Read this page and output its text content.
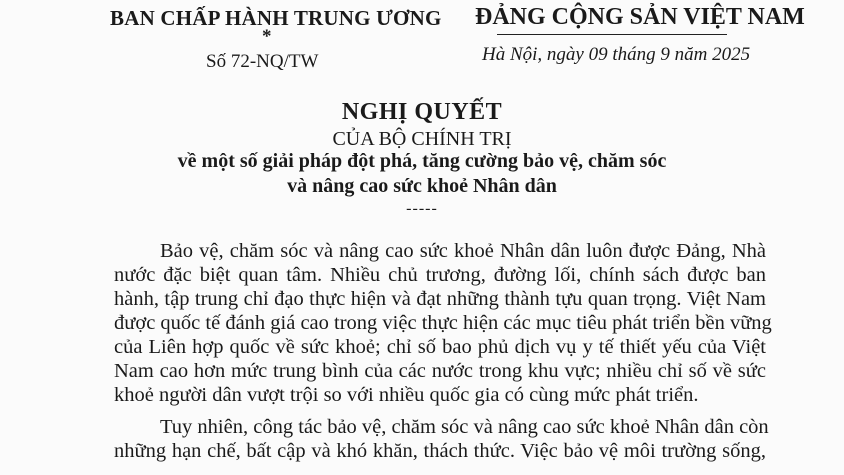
BAN CHẤP HÀNH TRUNG ƯƠNG
*
Số 72-NQ/TW
ĐẢNG CỘNG SẢN VIỆT NAM
Hà Nội, ngày 09 tháng 9 năm 2025
NGHỊ QUYẾT
CỦA BỘ CHÍNH TRỊ
về một số giải pháp đột phá, tăng cường bảo vệ, chăm sóc
và nâng cao sức khoẻ Nhân dân
-----
Bảo vệ, chăm sóc và nâng cao sức khoẻ Nhân dân luôn được Đảng, Nhà
nước đặc biệt quan tâm. Nhiều chủ trương, đường lối, chính sách được ban
hành, tập trung chỉ đạo thực hiện và đạt những thành tựu quan trọng. Việt Nam
được quốc tế đánh giá cao trong việc thực hiện các mục tiêu phát triển bền vững
của Liên hợp quốc về sức khoẻ; chỉ số bao phủ dịch vụ y tế thiết yếu của Việt
Nam cao hơn mức trung bình của các nước trong khu vực; nhiều chỉ số về sức
khoẻ người dân vượt trội so với nhiều quốc gia có cùng mức phát triển.
Tuy nhiên, công tác bảo vệ, chăm sóc và nâng cao sức khoẻ Nhân dân còn
những hạn chế, bất cập và khó khăn, thách thức. Việc bảo vệ môi trường sống,
